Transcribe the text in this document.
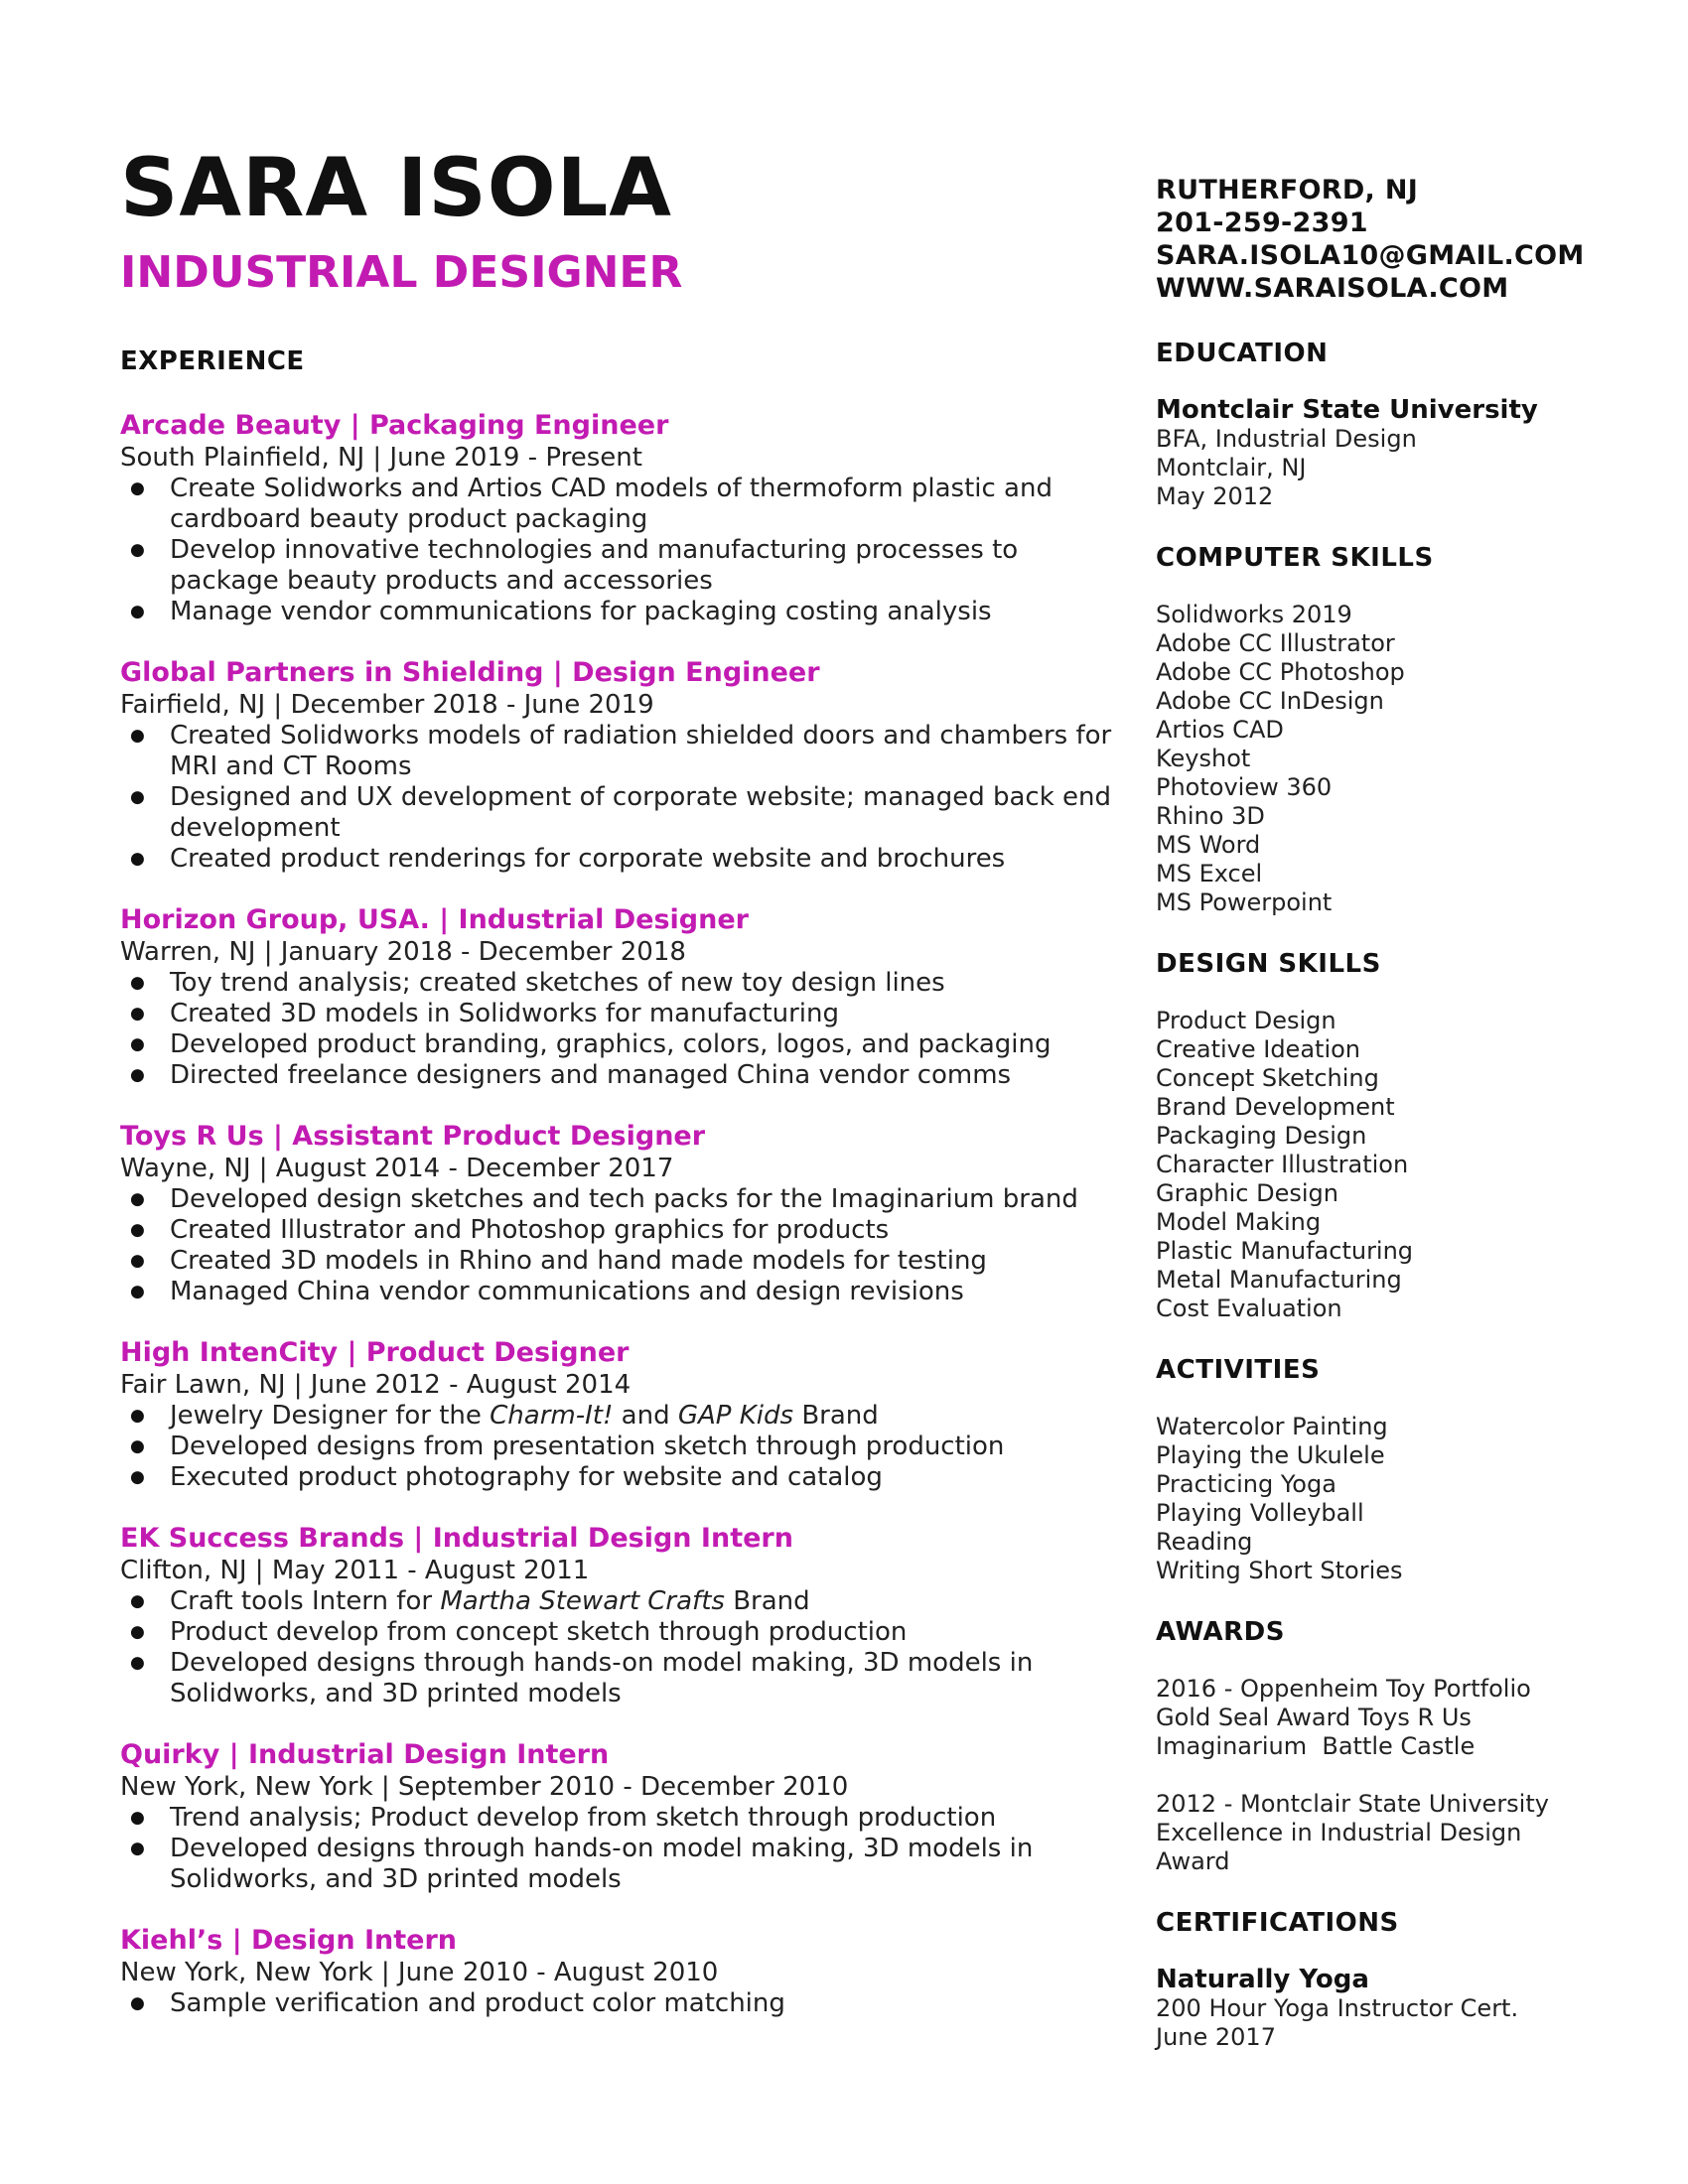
SARA ISOLA
INDUSTRIAL DESIGNER
EXPERIENCE
Arcade Beauty | Packaging Engineer
South Plainfield, NJ | June 2019 - Present
● Create Solidworks and Artios CAD models of thermoform plastic and cardboard beauty product packaging
● Develop innovative technologies and manufacturing processes to package beauty products and accessories
● Manage vendor communications for packaging costing analysis
Global Partners in Shielding | Design Engineer
Fairfield, NJ | December 2018 - June 2019
● Created Solidworks models of radiation shielded doors and chambers for MRI and CT Rooms
● Designed and UX development of corporate website; managed back end development
● Created product renderings for corporate website and brochures
Horizon Group, USA. | Industrial Designer
Warren, NJ | January 2018 - December 2018
● Toy trend analysis; created sketches of new toy design lines
● Created 3D models in Solidworks for manufacturing
● Developed product branding, graphics, colors, logos, and packaging
● Directed freelance designers and managed China vendor comms
Toys R Us | Assistant Product Designer
Wayne, NJ | August 2014 - December 2017
● Developed design sketches and tech packs for the Imaginarium brand
● Created Illustrator and Photoshop graphics for products
● Created 3D models in Rhino and hand made models for testing
● Managed China vendor communications and design revisions
High IntenCity | Product Designer
Fair Lawn, NJ | June 2012 - August 2014
● Jewelry Designer for the Charm-It! and GAP Kids Brand
● Developed designs from presentation sketch through production
● Executed product photography for website and catalog
EK Success Brands | Industrial Design Intern
Clifton, NJ | May 2011 - August 2011
● Craft tools Intern for Martha Stewart Crafts Brand
● Product develop from concept sketch through production
● Developed designs through hands-on model making, 3D models in Solidworks, and 3D printed models
Quirky | Industrial Design Intern
New York, New York | September 2010 - December 2010
● Trend analysis; Product develop from sketch through production
● Developed designs through hands-on model making, 3D models in Solidworks, and 3D printed models
Kiehl’s | Design Intern
New York, New York | June 2010 - August 2010
● Sample verification and product color matching
RUTHERFORD, NJ
201-259-2391
SARA.ISOLA10@GMAIL.COM
WWW.SARAISOLA.COM
EDUCATION
Montclair State University
BFA, Industrial Design
Montclair, NJ
May 2012
COMPUTER SKILLS
Solidworks 2019
Adobe CC Illustrator
Adobe CC Photoshop
Adobe CC InDesign
Artios CAD
Keyshot
Photoview 360
Rhino 3D
MS Word
MS Excel
MS Powerpoint
DESIGN SKILLS
Product Design
Creative Ideation
Concept Sketching
Brand Development
Packaging Design
Character Illustration
Graphic Design
Model Making
Plastic Manufacturing
Metal Manufacturing
Cost Evaluation
ACTIVITIES
Watercolor Painting
Playing the Ukulele
Practicing Yoga
Playing Volleyball
Reading
Writing Short Stories
AWARDS
2016 - Oppenheim Toy Portfolio
Gold Seal Award Toys R Us
Imaginarium  Battle Castle
2012 - Montclair State University
Excellence in Industrial Design
Award
CERTIFICATIONS
Naturally Yoga
200 Hour Yoga Instructor Cert.
June 2017
